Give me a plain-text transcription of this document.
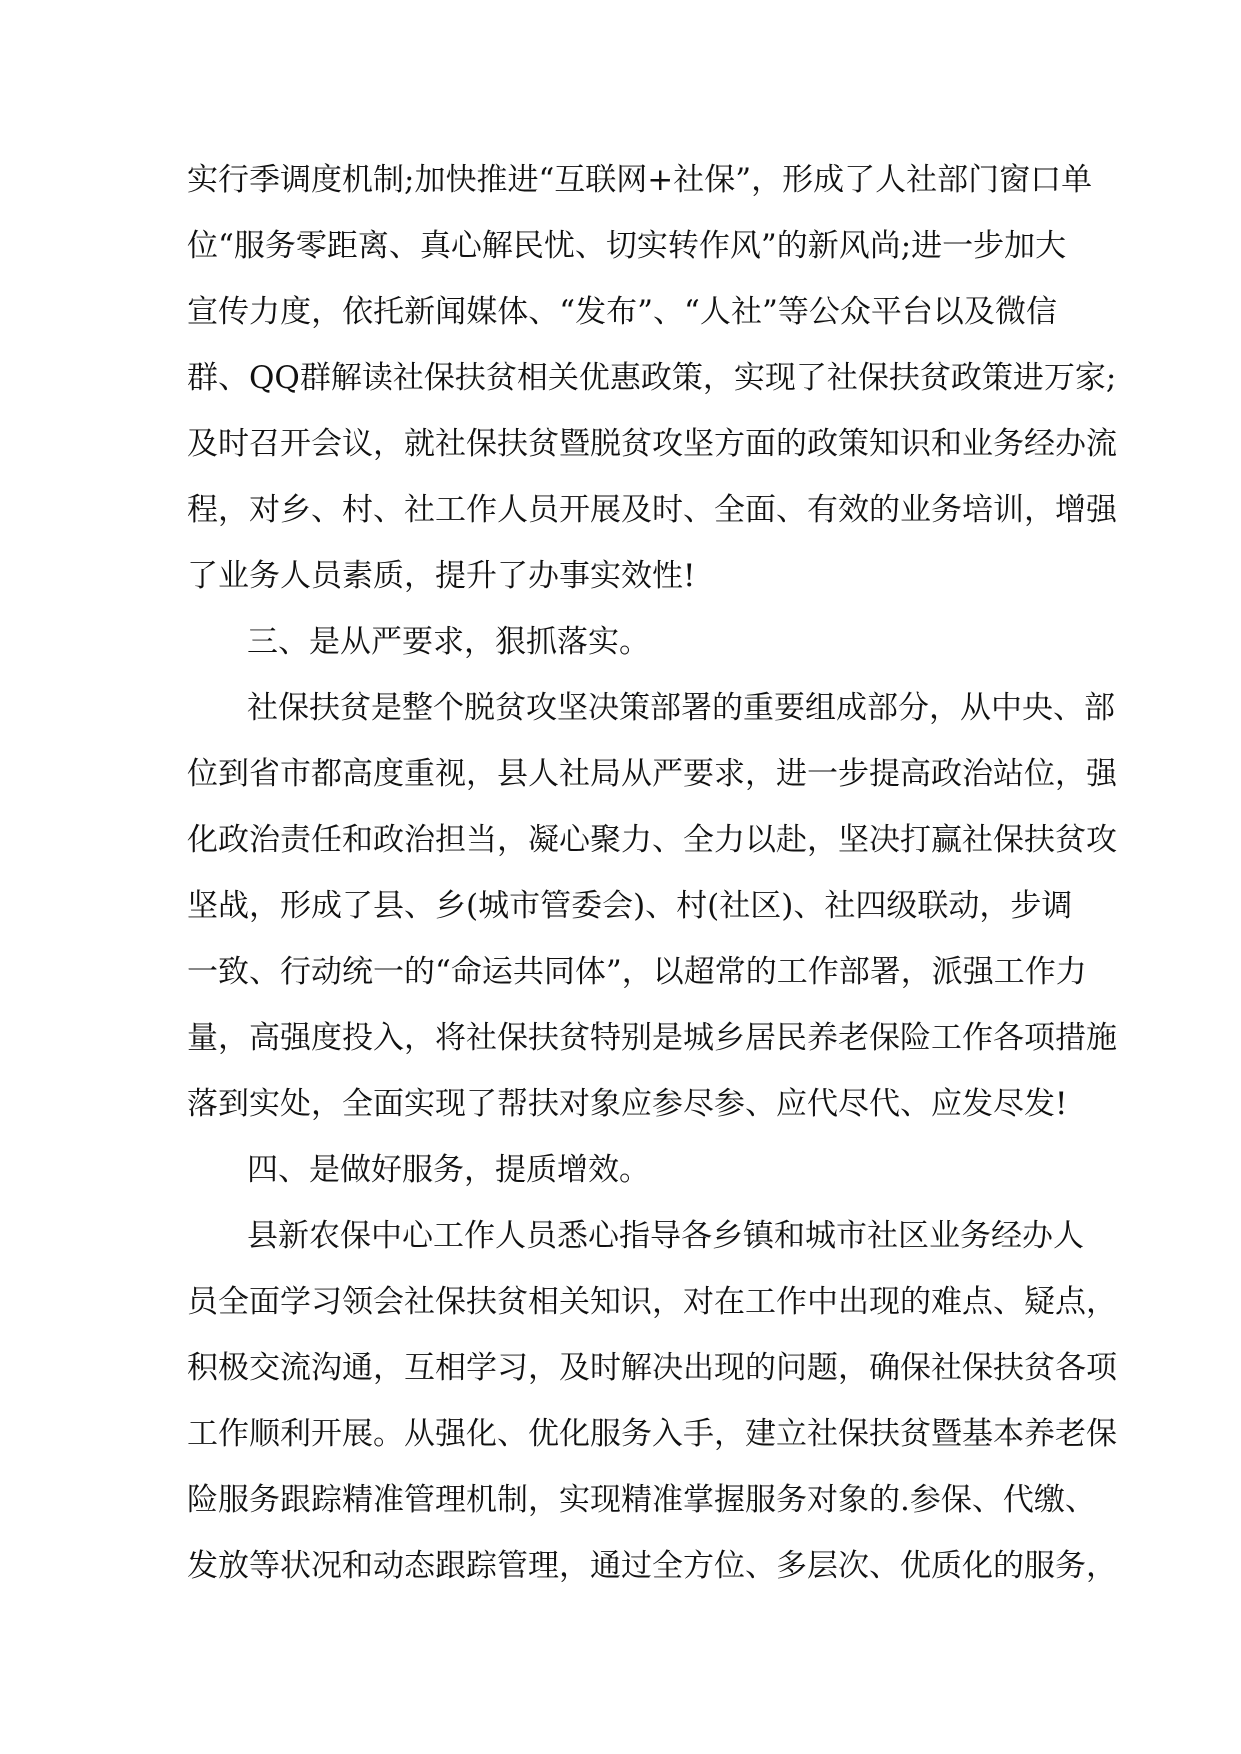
实行季调度机制;加快推进“互联网+社保”，形成了人社部门窗口单
位“服务零距离、真心解民忧、切实转作风”的新风尚;进一步加大
宣传力度，依托新闻媒体、“发布”、“人社”等公众平台以及微信
群、QQ群解读社保扶贫相关优惠政策，实现了社保扶贫政策进万家;
及时召开会议，就社保扶贫暨脱贫攻坚方面的政策知识和业务经办流
程，对乡、村、社工作人员开展及时、全面、有效的业务培训，增强
了业务人员素质，提升了办事实效性!
三、是从严要求，狠抓落实。
社保扶贫是整个脱贫攻坚决策部署的重要组成部分，从中央、部
位到省市都高度重视，县人社局从严要求，进一步提高政治站位，强
化政治责任和政治担当，凝心聚力、全力以赴，坚决打赢社保扶贫攻
坚战，形成了县、乡(城市管委会)、村(社区)、社四级联动，步调
一致、行动统一的“命运共同体”，以超常的工作部署，派强工作力
量，高强度投入，将社保扶贫特别是城乡居民养老保险工作各项措施
落到实处，全面实现了帮扶对象应参尽参、应代尽代、应发尽发!
四、是做好服务，提质增效。
县新农保中心工作人员悉心指导各乡镇和城市社区业务经办人
员全面学习领会社保扶贫相关知识，对在工作中出现的难点、疑点，
积极交流沟通，互相学习，及时解决出现的问题，确保社保扶贫各项
工作顺利开展。从强化、优化服务入手，建立社保扶贫暨基本养老保
险服务跟踪精准管理机制，实现精准掌握服务对象的.参保、代缴、
发放等状况和动态跟踪管理，通过全方位、多层次、优质化的服务，
